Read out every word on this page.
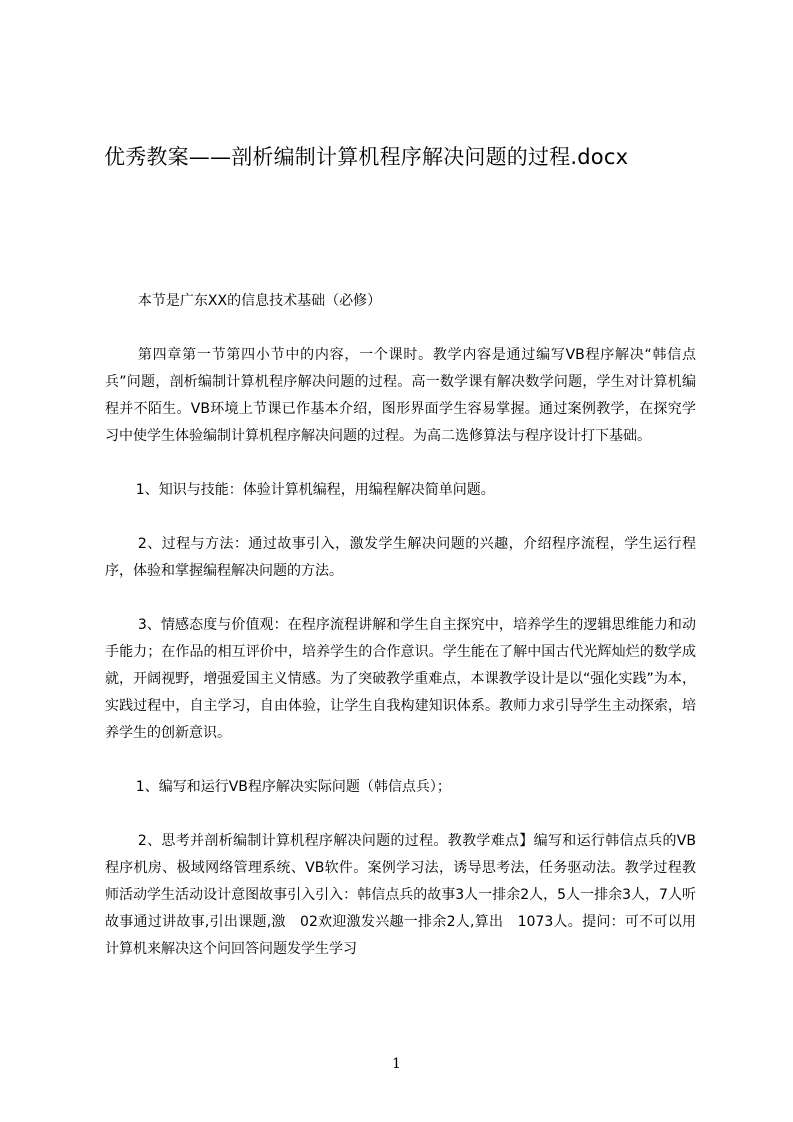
优秀教案——剖析编制计算机程序解决问题的过程.docx

本节是广东XX的信息技术基础（必修）

第四章第一节第四小节中的内容，一个课时。教学内容是通过编写VB程序解决“韩信点兵”问题，剖析编制计算机程序解决问题的过程。高一数学课有解决数学问题，学生对计算机编程并不陌生。VB环境上节课已作基本介绍，图形界面学生容易掌握。通过案例教学，在探究学习中使学生体验编制计算机程序解决问题的过程。为高二选修算法与程序设计打下基础。

1、知识与技能：体验计算机编程，用编程解决简单问题。

2、过程与方法：通过故事引入，激发学生解决问题的兴趣，介绍程序流程，学生运行程序，体验和掌握编程解决问题的方法。

3、情感态度与价值观：在程序流程讲解和学生自主探究中，培养学生的逻辑思维能力和动手能力；在作品的相互评价中，培养学生的合作意识。学生能在了解中国古代光辉灿烂的数学成就，开阔视野，增强爱国主义情感。为了突破教学重难点，本课教学设计是以“强化实践”为本，实践过程中，自主学习，自由体验，让学生自我构建知识体系。教师力求引导学生主动探索，培养学生的创新意识。

1、编写和运行VB程序解决实际问题（韩信点兵）；

2、思考并剖析编制计算机程序解决问题的过程。教教学难点】编写和运行韩信点兵的VB程序机房、极域网络管理系统、VB软件。案例学习法，诱导思考法，任务驱动法。教学过程教师活动学生活动设计意图故事引入引入：韩信点兵的故事3人一排余2人，5人一排余3人，7人听故事通过讲故事,引出课题,激　02欢迎激发兴趣一排余2人,算出　1073人。提问：可不可以用计算机来解决这个问回答问题发学生学习

1
